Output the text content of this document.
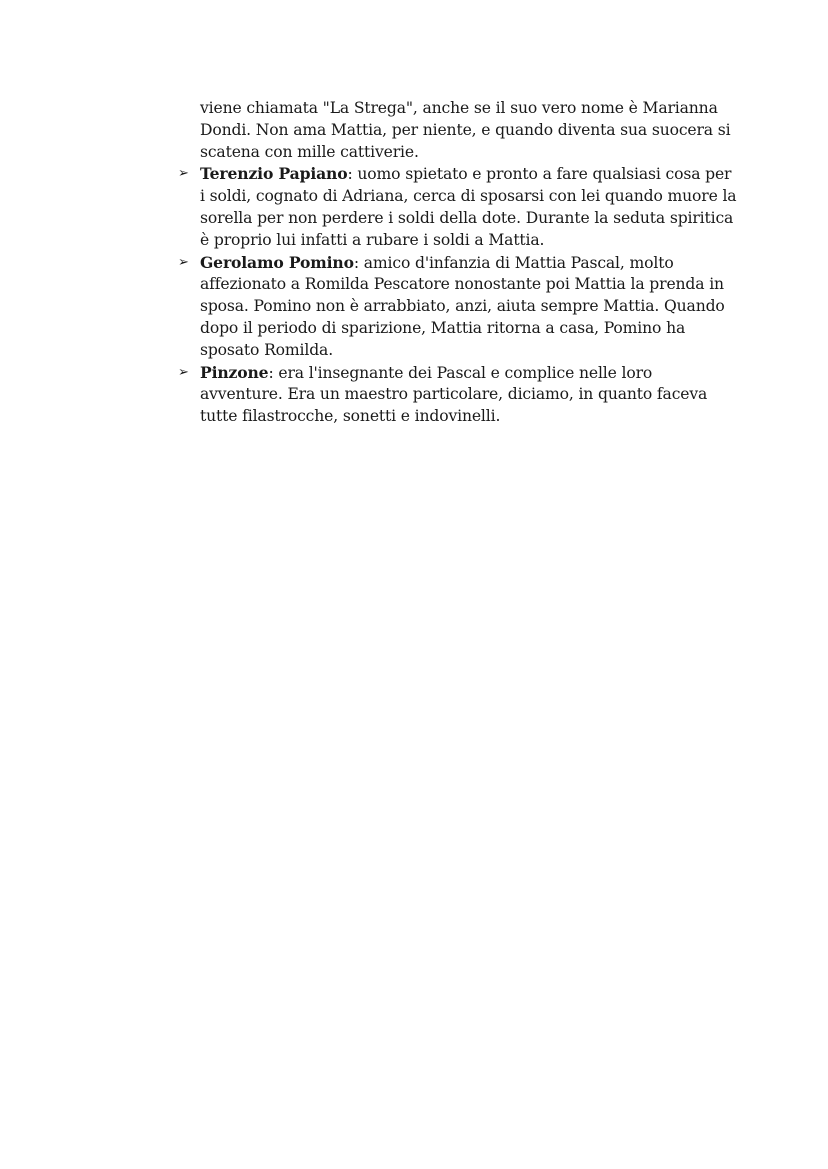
viene chiamata "La Strega", anche se il suo vero nome è Marianna Dondi. Non ama Mattia, per niente, e quando diventa sua suocera si scatena con mille cattiverie.

➢ Terenzio Papiano: uomo spietato e pronto a fare qualsiasi cosa per i soldi, cognato di Adriana, cerca di sposarsi con lei quando muore la sorella per non perdere i soldi della dote. Durante la seduta spiritica è proprio lui infatti a rubare i soldi a Mattia.
➢ Gerolamo Pomino: amico d'infanzia di Mattia Pascal, molto affezionato a Romilda Pescatore nonostante poi Mattia la prenda in sposa. Pomino non è arrabbiato, anzi, aiuta sempre Mattia. Quando dopo il periodo di sparizione, Mattia ritorna a casa, Pomino ha sposato Romilda.
➢ Pinzone: era l'insegnante dei Pascal e complice nelle loro avventure. Era un maestro particolare, diciamo, in quanto faceva tutte filastrocche, sonetti e indovinelli.
